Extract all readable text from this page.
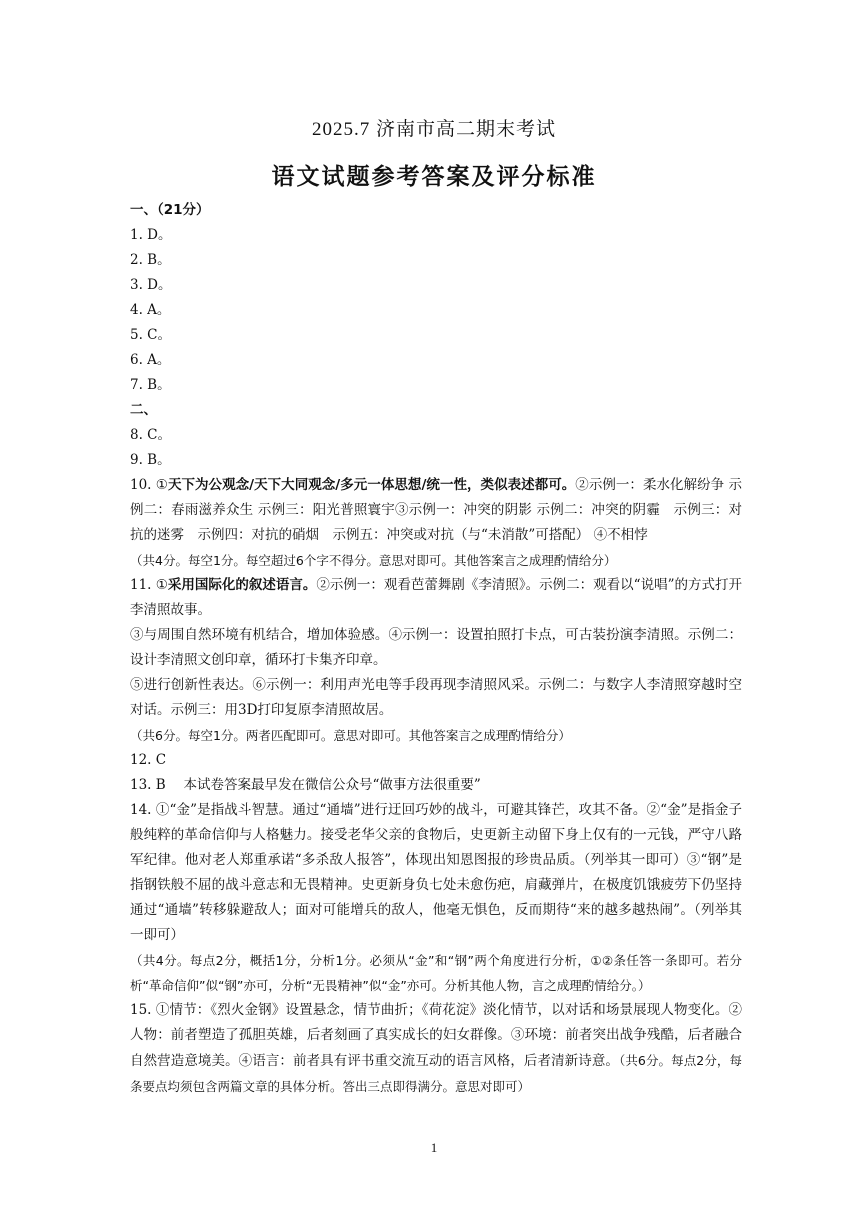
2025.7 济南市高二期末考试
语文试题参考答案及评分标准
一、（21分）
1. D。
2. B。
3. D。
4. A。
5. C。
6. A。
7. B。
二、
8. C。
9. B。
10. ①天下为公观念/天下大同观念/多元一体思想/统一性，类似表述都可。②示例一：柔水化解纷争 示例二：春雨滋养众生 示例三：阳光普照寰宇③示例一：冲突的阴影 示例二：冲突的阴霾　示例三：对抗的迷雾　示例四：对抗的硝烟　示例五：冲突或对抗（与“未消散”可搭配） ④不相悖
（共4分。每空1分。每空超过6个字不得分。意思对即可。其他答案言之成理酌情给分）
11. ①采用国际化的叙述语言。②示例一：观看芭蕾舞剧《李清照》。示例二：观看以“说唱”的方式打开李清照故事。
③与周围自然环境有机结合，增加体验感。④示例一：设置拍照打卡点，可古装扮演李清照。示例二：设计李清照文创印章，循环打卡集齐印章。
⑤进行创新性表达。⑥示例一：利用声光电等手段再现李清照风采。示例二：与数字人李清照穿越时空对话。示例三：用3D打印复原李清照故居。
（共6分。每空1分。两者匹配即可。意思对即可。其他答案言之成理酌情给分）
12. C
13. B　 本试卷答案最早发在微信公众号“做事方法很重要”
14. ①“金”是指战斗智慧。通过“通墙”进行迂回巧妙的战斗，可避其锋芒，攻其不备。②“金”是指金子般纯粹的革命信仰与人格魅力。接受老华父亲的食物后，史更新主动留下身上仅有的一元钱，严守八路军纪律。他对老人郑重承诺“多杀敌人报答”，体现出知恩图报的珍贵品质。（列举其一即可）③“钢”是指钢铁般不屈的战斗意志和无畏精神。史更新身负七处未愈伤疤，肩藏弹片，在极度饥饿疲劳下仍坚持通过“通墙”转移躲避敌人；面对可能增兵的敌人，他毫无惧色，反而期待“来的越多越热闹”。（列举其一即可）
（共4分。每点2分，概括1分，分析1分。必须从“金”和“钢”两个角度进行分析，①②条任答一条即可。若分析“革命信仰”似“钢”亦可，分析“无畏精神”似“金”亦可。分析其他人物，言之成理酌情给分。）
15. ①情节：《烈火金钢》设置悬念，情节曲折；《荷花淀》淡化情节，以对话和场景展现人物变化。②人物：前者塑造了孤胆英雄，后者刻画了真实成长的妇女群像。③环境：前者突出战争残酷，后者融合自然营造意境美。④语言：前者具有评书重交流互动的语言风格，后者清新诗意。（共6分。每点2分，每条要点均须包含两篇文章的具体分析。答出三点即得满分。意思对即可）
1
